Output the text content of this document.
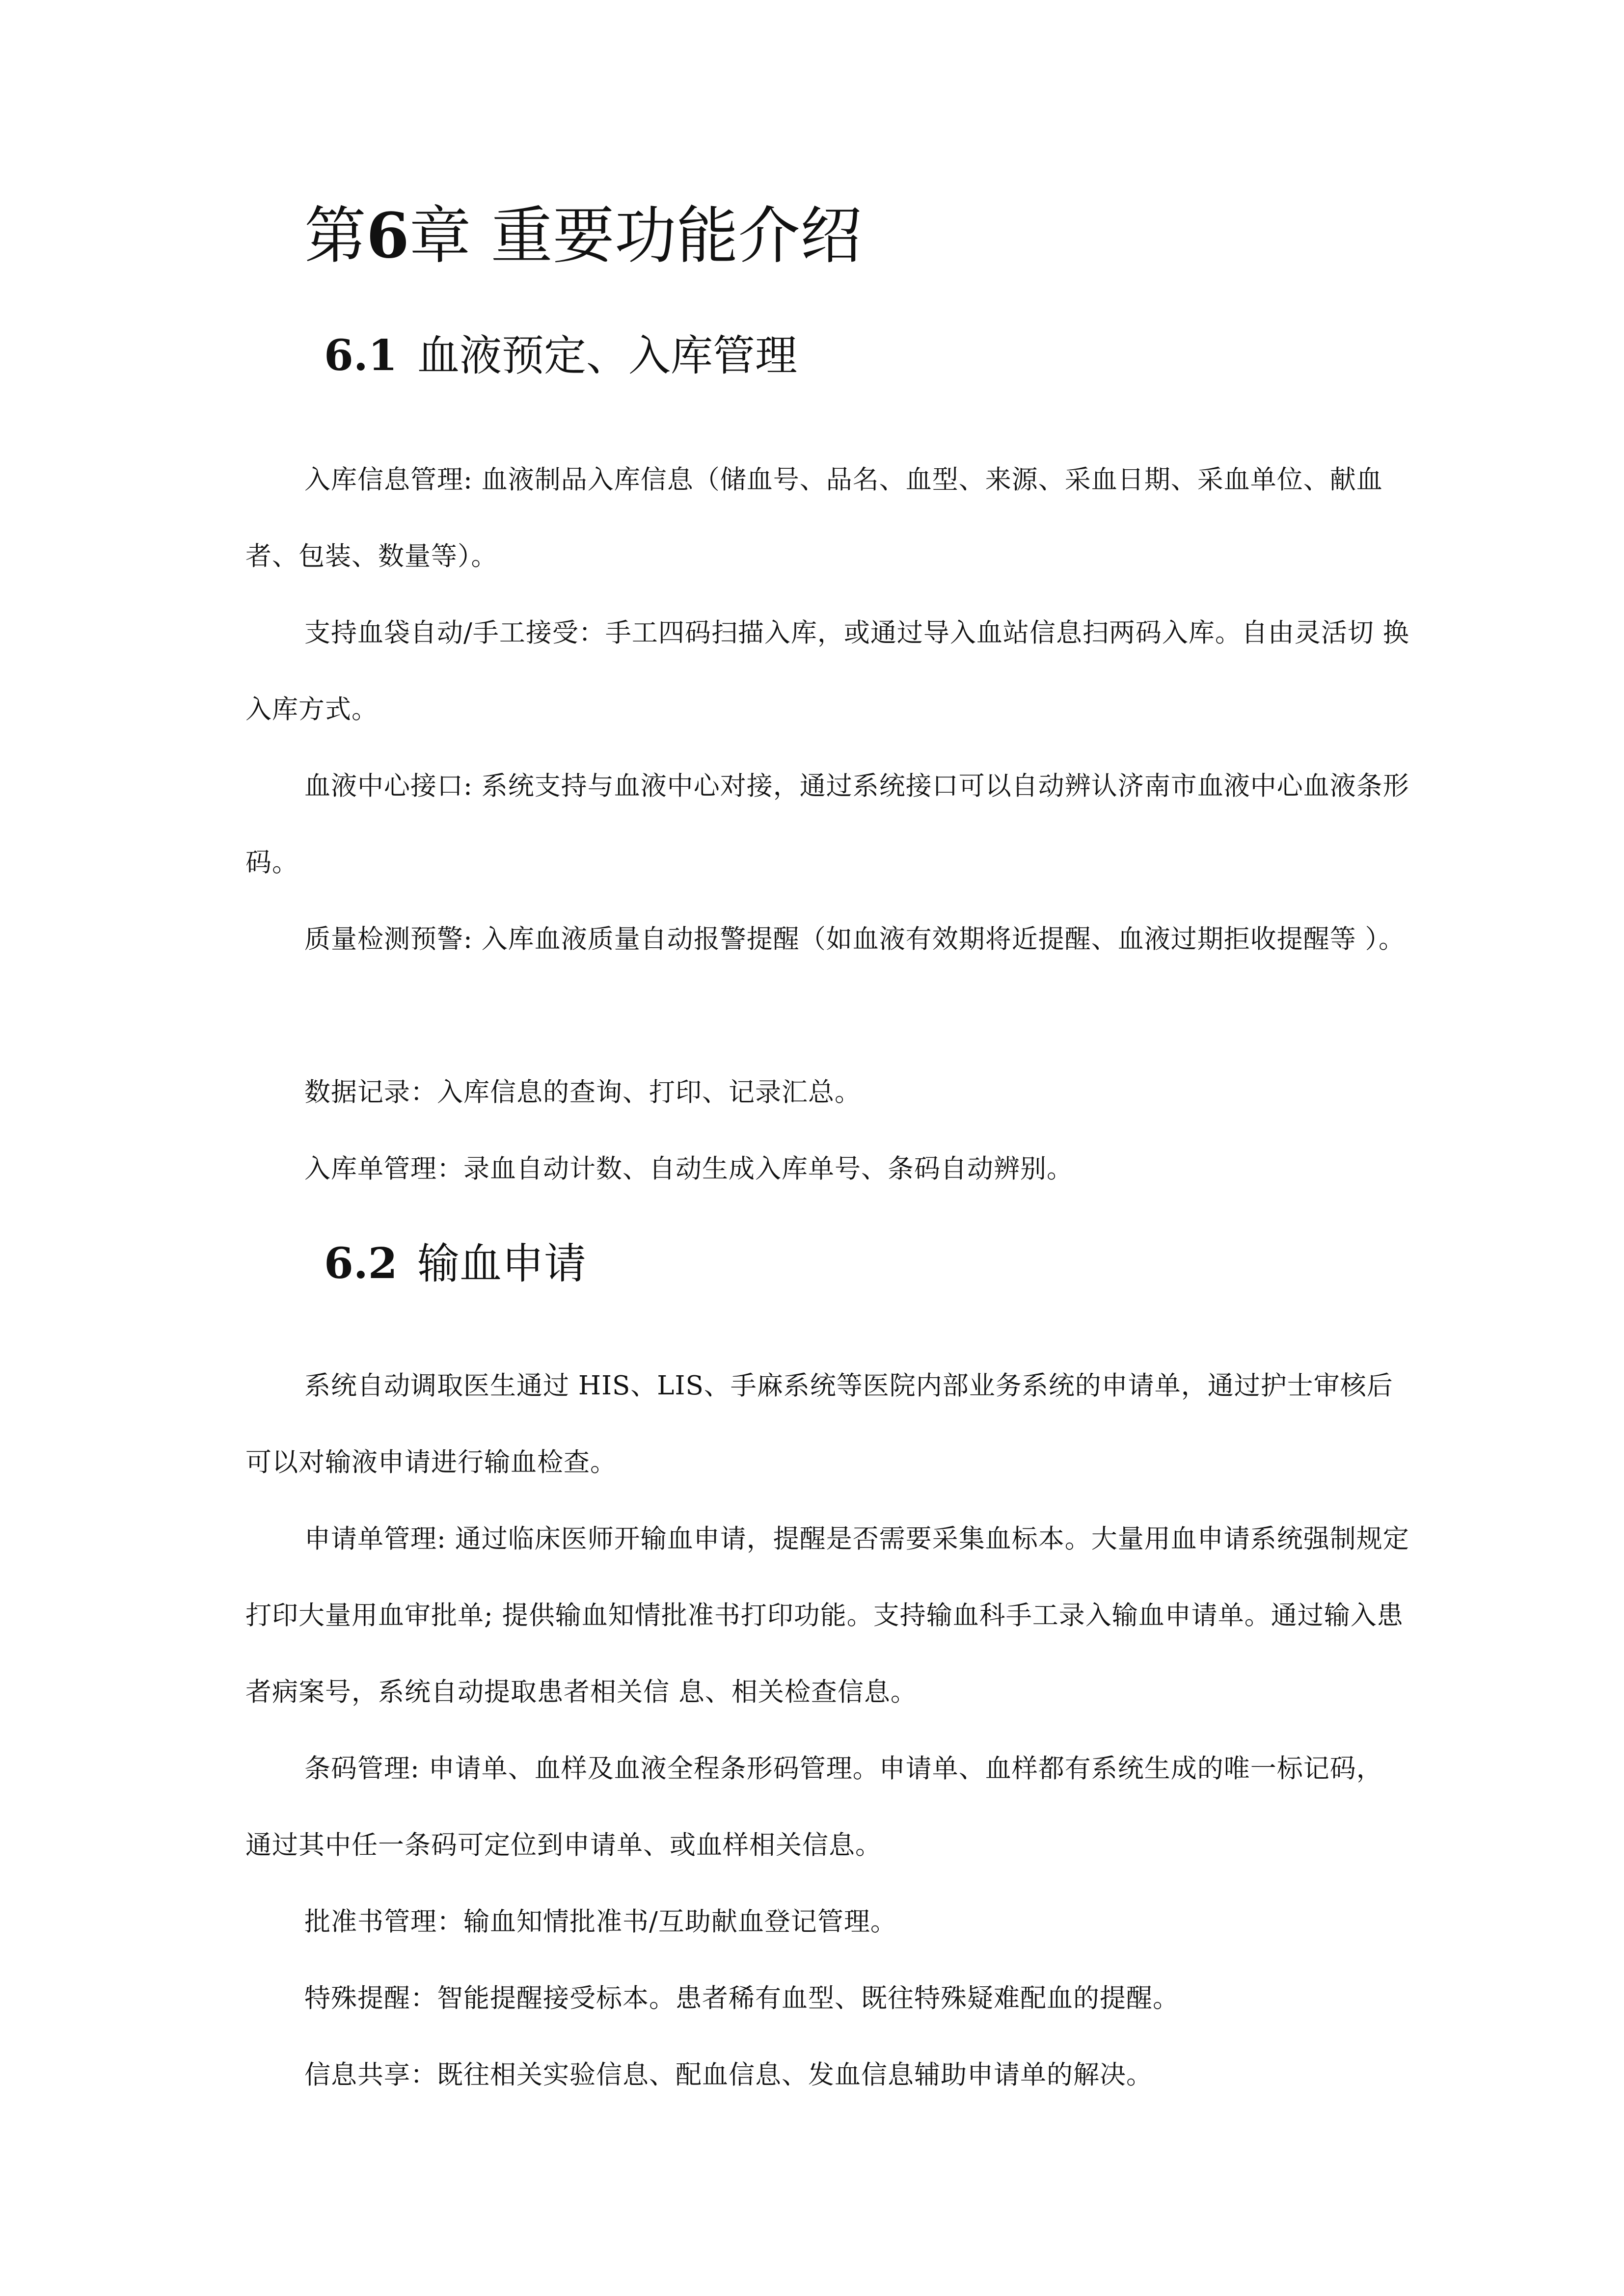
第6章 重要功能介绍
6.1 血液预定、入库管理

入库信息管理: 血液制品入库信息（储血号、品名、血型、来源、采血日期、采血单位、献血者、包装、数量等）。

支持血袋自动/手工接受：手工四码扫描入库，或通过导入血站信息扫两码入库。自由灵活切 换入库方式。

血液中心接口: 系统支持与血液中心对接，通过系统接口可以自动辨认济南市血液中心血液条形码。

质量检测预警: 入库血液质量自动报警提醒（如血液有效期将近提醒、血液过期拒收提醒等 ）。

数据记录：入库信息的查询、打印、记录汇总。

入库单管理：录血自动计数、自动生成入库单号、条码自动辨别。

6.2 输血申请

系统自动调取医生通过 HIS、LIS、手麻系统等医院内部业务系统的申请单，通过护士审核后可以对输液申请进行输血检查。

申请单管理: 通过临床医师开输血申请，提醒是否需要采集血标本。大量用血申请系统强制规定打印大量用血审批单; 提供输血知情批准书打印功能。支持输血科手工录入输血申请单。通过输入患者病案号，系统自动提取患者相关信 息、相关检查信息。

条码管理: 申请单、血样及血液全程条形码管理。申请单、血样都有系统生成的唯一标记码， 通过其中任一条码可定位到申请单、或血样相关信息。

批准书管理：输血知情批准书/互助献血登记管理。

特殊提醒：智能提醒接受标本。患者稀有血型、既往特殊疑难配血的提醒。

信息共享：既往相关实验信息、配血信息、发血信息辅助申请单的解决。
